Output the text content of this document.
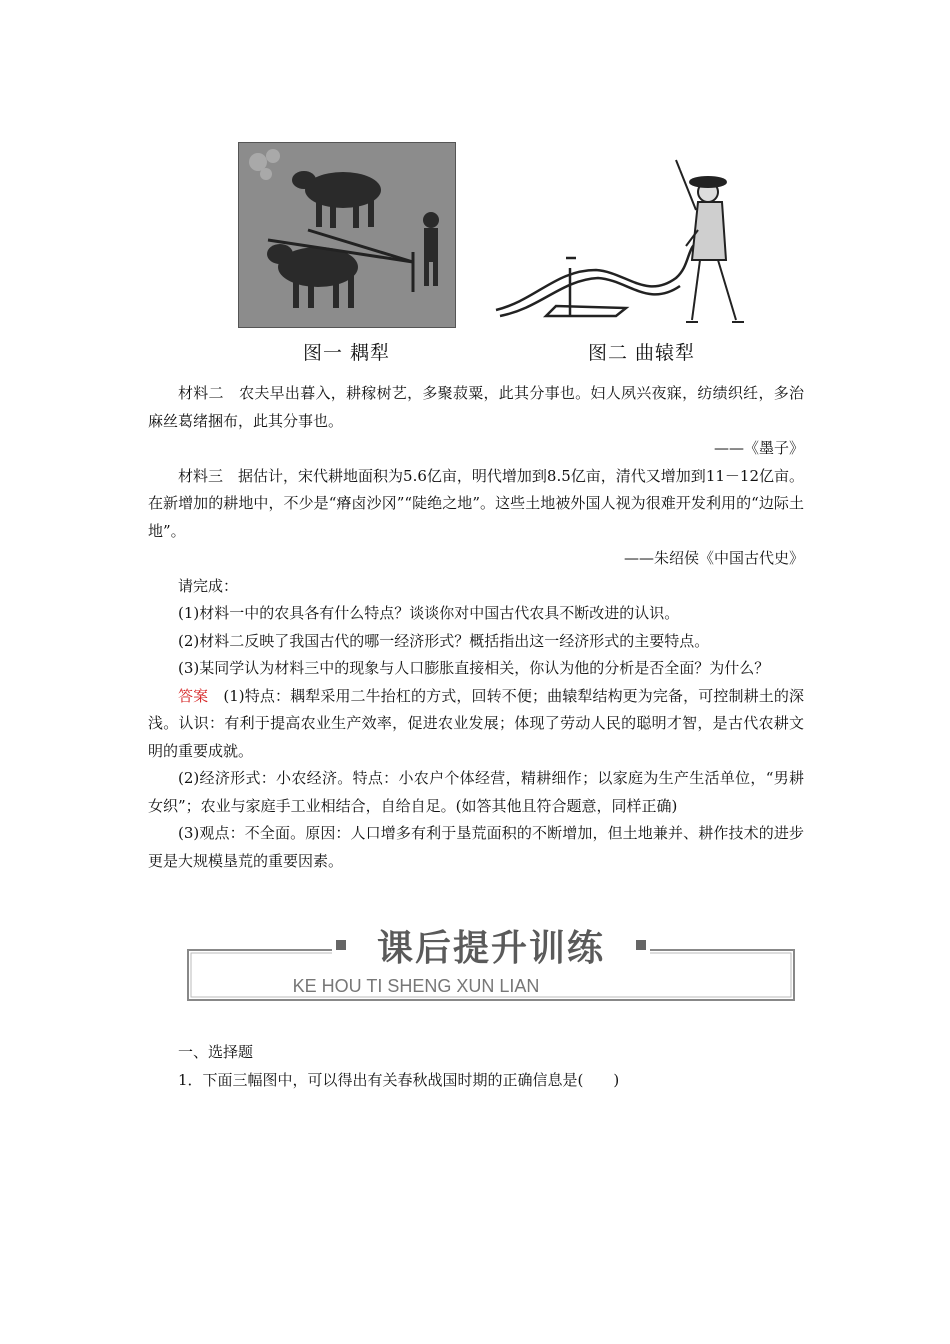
图一 耦犁	图二 曲辕犁

材料二　农夫早出暮入，耕稼树艺，多聚菽粟，此其分事也。妇人夙兴夜寐，纺绩织纴，多治麻丝葛绪捆布，此其分事也。

——《墨子》

材料三　据估计，宋代耕地面积为5.6亿亩，明代增加到8.5亿亩，清代又增加到11－12亿亩。在新增加的耕地中，不少是“瘠卤沙冈”“陡绝之地”。这些土地被外国人视为很难开发利用的“边际土地”。

——朱绍侯《中国古代史》

请完成：

(1)材料一中的农具各有什么特点？谈谈你对中国古代农具不断改进的认识。

(2)材料二反映了我国古代的哪一经济形式？概括指出这一经济形式的主要特点。

(3)某同学认为材料三中的现象与人口膨胀直接相关，你认为他的分析是否全面？为什么？

答案　(1)特点：耦犁采用二牛抬杠的方式，回转不便；曲辕犁结构更为完备，可控制耕土的深浅。认识：有利于提高农业生产效率，促进农业发展；体现了劳动人民的聪明才智，是古代农耕文明的重要成就。

(2)经济形式：小农经济。特点：小农户个体经营，精耕细作；以家庭为生产生活单位，“男耕女织”；农业与家庭手工业相结合，自给自足。(如答其他且符合题意，同样正确)

(3)观点：不全面。原因：人口增多有利于垦荒面积的不断增加，但土地兼并、耕作技术的进步更是大规模垦荒的重要因素。

课后提升训练
KE HOU TI SHENG XUN LIAN
一、选择题
1．下面三幅图中，可以得出有关春秋战国时期的正确信息是(　　)
